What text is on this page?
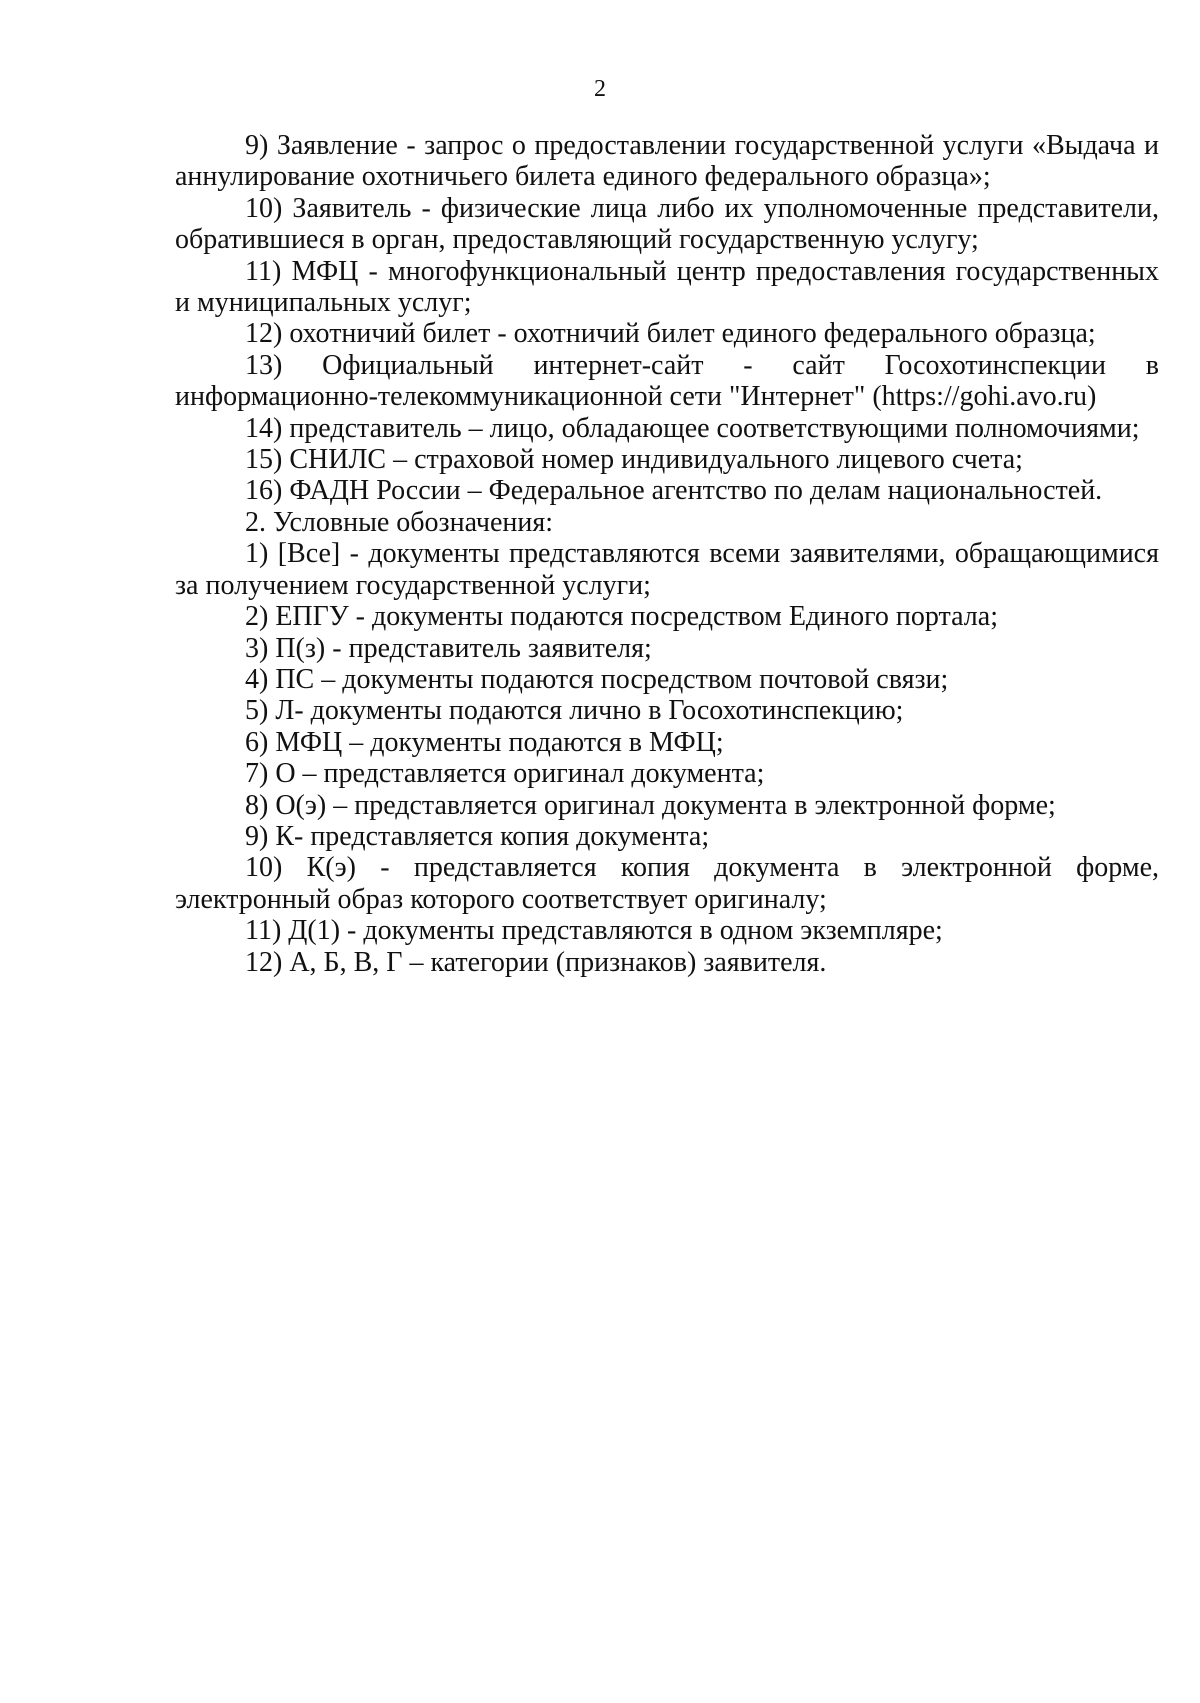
2

9) Заявление - запрос о предоставлении государственной услуги «Выдача и аннулирование охотничьего билета единого федерального образца»;

10) Заявитель - физические лица либо их уполномоченные представители, обратившиеся в орган, предоставляющий государственную услугу;

11) МФЦ - многофункциональный центр предоставления государственных и муниципальных услуг;

12) охотничий билет - охотничий билет единого федерального образца;

13) Официальный интернет-сайт - сайт Госохотинспекции в информационно-телекоммуникационной сети "Интернет" (https://gohi.avo.ru)

14) представитель – лицо, обладающее соответствующими полномочиями;

15) СНИЛС – страховой номер индивидуального лицевого счета;

16) ФАДН России – Федеральное агентство по делам национальностей.

2. Условные обозначения:

1) [Все] - документы представляются всеми заявителями, обращающимися за получением государственной услуги;

2) ЕПГУ - документы подаются посредством Единого портала;

3) П(з) - представитель заявителя;

4) ПС – документы подаются посредством почтовой связи;

5) Л- документы подаются лично в Госохотинспекцию;

6) МФЦ – документы подаются в МФЦ;

7) О – представляется оригинал документа;

8) О(э) – представляется оригинал документа в электронной форме;

9) К- представляется копия документа;

10) К(э) - представляется копия документа в электронной форме, электронный образ которого соответствует оригиналу;

11) Д(1) - документы представляются в одном экземпляре;

12) А, Б, В, Г – категории (признаков) заявителя.
